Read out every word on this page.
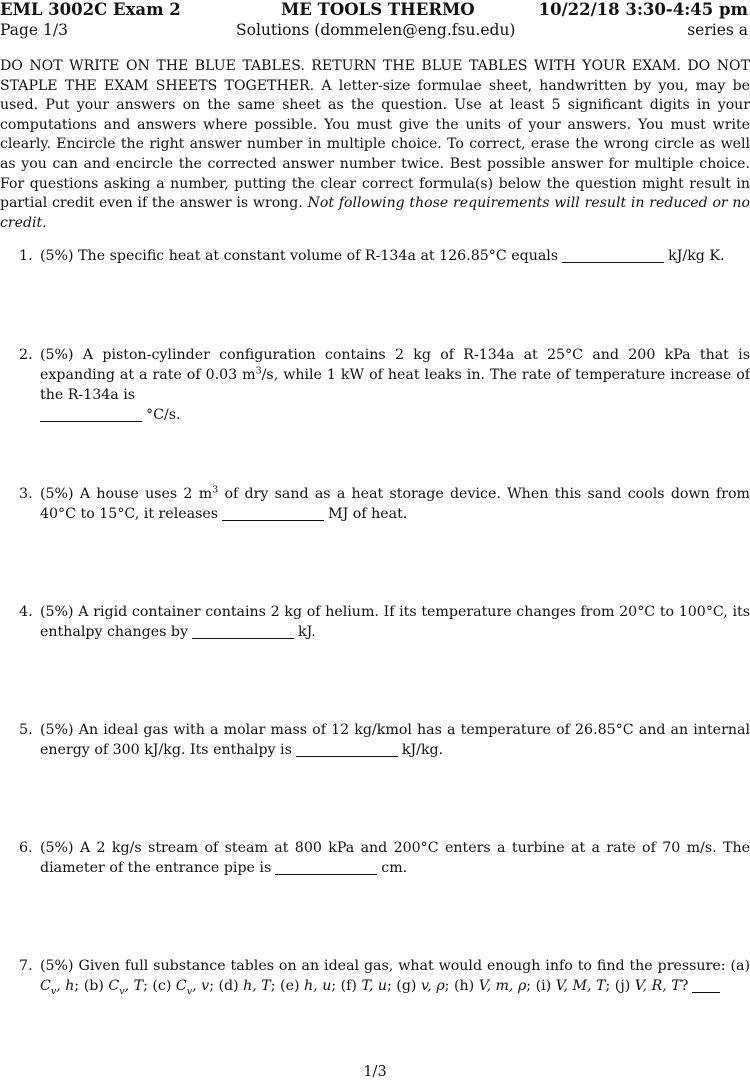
EML 3002C Exam 2	ME TOOLS THERMO	10/22/18 3:30-4:45 pm
Page 1/3	Solutions (dommelen@eng.fsu.edu)	series a
DO NOT WRITE ON THE BLUE TABLES. RETURN THE BLUE TABLES WITH YOUR EXAM. DO NOT STAPLE THE EXAM SHEETS TOGETHER. A letter-size formulae sheet, handwritten by you, may be used. Put your answers on the same sheet as the question. Use at least 5 significant digits in your computations and answers where possible. You must give the units of your answers. You must write clearly. Encircle the right answer number in multiple choice. To correct, erase the wrong circle as well as you can and encircle the corrected answer number twice. Best possible answer for multiple choice. For questions asking a number, putting the clear correct formula(s) below the question might result in partial credit even if the answer is wrong. Not following those requirements will result in reduced or no credit.
1. (5%) The specific heat at constant volume of R-134a at 126.85°C equals	kJ/kg K.
2. (5%) A piston-cylinder configuration contains 2 kg of R-134a at 25°C and 200 kPa that is expanding at a rate of 0.03 $m^3/s$, while 1 kW of heat leaks in. The rate of temperature increase of the R-134a is
°C/s.
3. (5%) A house uses 2 $m^3$ of dry sand as a heat storage device. When this sand cools down from 40°C to 15°C, it releases	MJ of heat.
4. (5%) A rigid container contains 2 kg of helium. If its temperature changes from 20°C to 100°C, its enthalpy changes by	kJ.
5. (5%) An ideal gas with a molar mass of 12 kg/kmol has a temperature of 26.85°C and an internal energy of 300 kJ/kg. Its enthalpy is	kJ/kg.
6. (5%) A 2 kg/s stream of steam at 800 kPa and 200°C enters a turbine at a rate of 70 m/s. The diameter of the entrance pipe is	cm.
7. (5%) Given full substance tables on an ideal gas, what would enough info to find the pressure: (a) $C_v$, h; (b) $C_v$, T; (c) $C_v$, v; (d) h, T; (e) h, u; (f) T, u; (g) v, ρ; (h) V, m, ρ; (i) V, M, T; (j) V, R, T?
1/3
